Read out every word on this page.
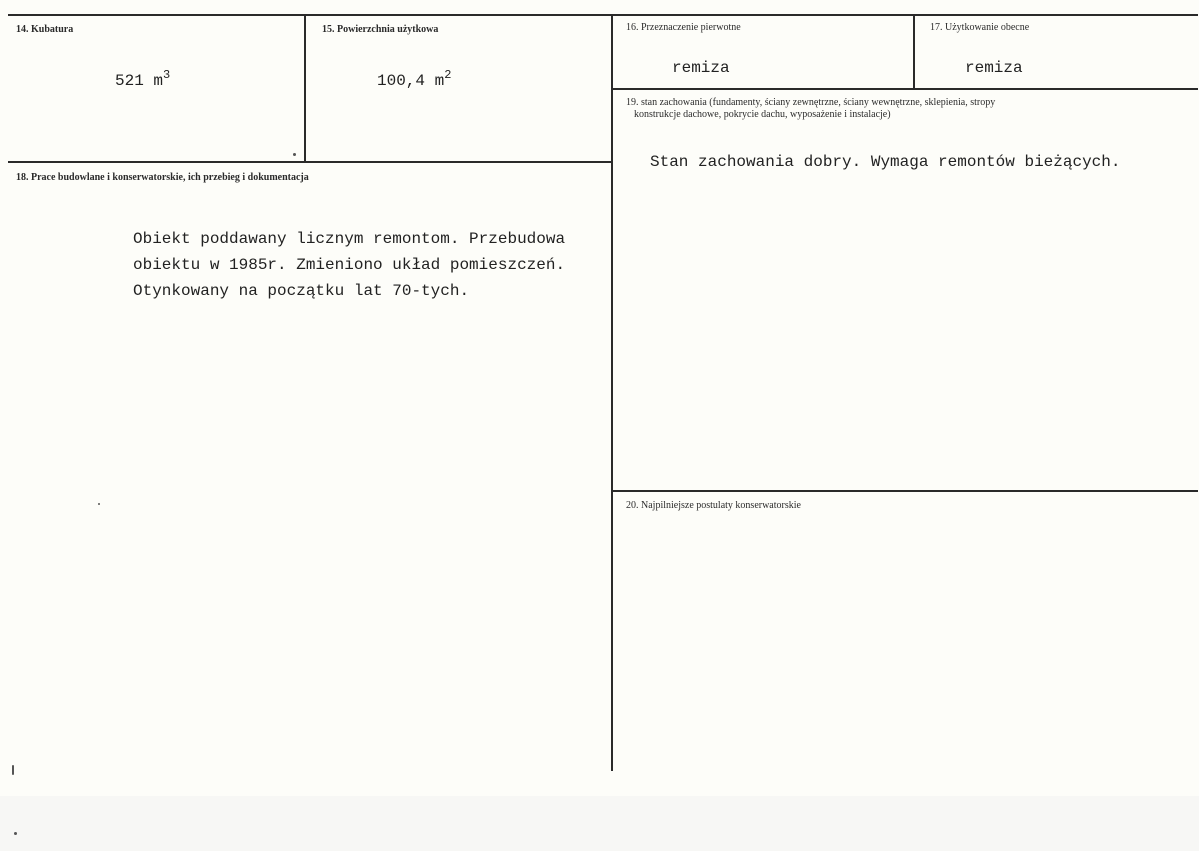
14. Kubatura
521 $m^3$
15. Powierzchnia użytkowa
100,4 $m^2$
16. Przeznaczenie pierwotne
remiza
17. Użytkowanie obecne
remiza
18. Prace budowlane i konserwatorskie, ich przebieg i dokumentacja
Obiekt poddawany licznym remontom. Przebudowa
obiektu w 1985r. Zmieniono układ pomieszczeń.
Otynkowany na początku lat 70-tych.
19. stan zachowania (fundamenty, ściany zewnętrzne, ściany wewnętrzne, sklepienia, stropy
konstrukcje dachowe, pokrycie dachu, wyposażenie i instalacje)
Stan zachowania dobry. Wymaga remontów bieżących.
20. Najpilniejsze postulaty konserwatorskie
